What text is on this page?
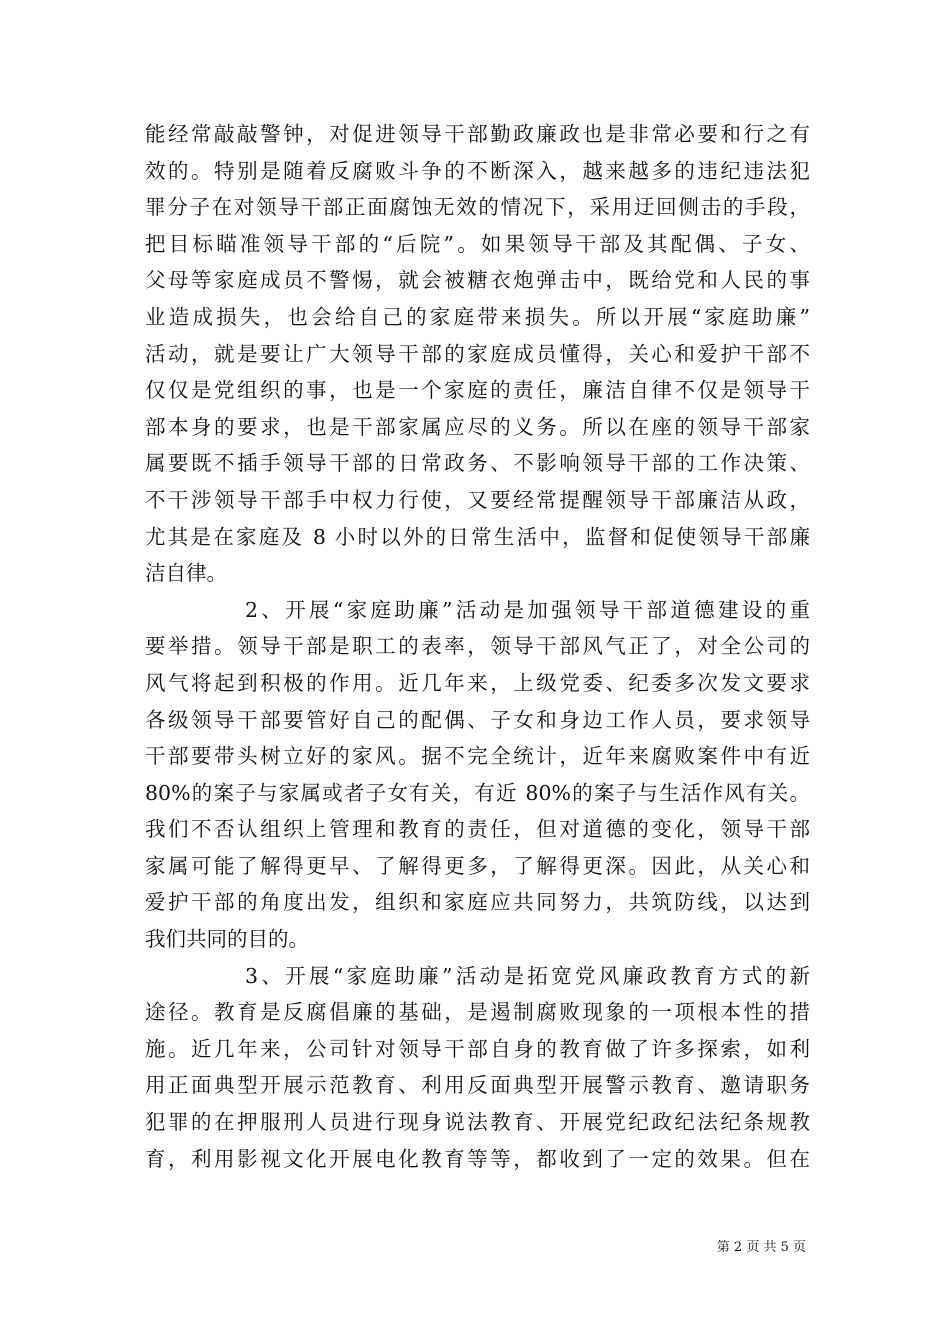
能经常敲敲警钟，对促进领导干部勤政廉政也是非常必要和行之有
效的。特别是随着反腐败斗争的不断深入，越来越多的违纪违法犯
罪分子在对领导干部正面腐蚀无效的情况下，采用迂回侧击的手段，
把目标瞄准领导干部的“后院”。如果领导干部及其配偶、子女、
父母等家庭成员不警惕，就会被糖衣炮弹击中，既给党和人民的事
业造成损失，也会给自己的家庭带来损失。所以开展“家庭助廉”
活动，就是要让广大领导干部的家庭成员懂得，关心和爱护干部不
仅仅是党组织的事，也是一个家庭的责任，廉洁自律不仅是领导干
部本身的要求，也是干部家属应尽的义务。所以在座的领导干部家
属要既不插手领导干部的日常政务、不影响领导干部的工作决策、
不干涉领导干部手中权力行使，又要经常提醒领导干部廉洁从政，
尤其是在家庭及 8 小时以外的日常生活中，监督和促使领导干部廉
洁自律。
2、开展“家庭助廉”活动是加强领导干部道德建设的重
要举措。领导干部是职工的表率，领导干部风气正了，对全公司的
风气将起到积极的作用。近几年来，上级党委、纪委多次发文要求
各级领导干部要管好自己的配偶、子女和身边工作人员，要求领导
干部要带头树立好的家风。据不完全统计，近年来腐败案件中有近
80%的案子与家属或者子女有关，有近 80%的案子与生活作风有关。
我们不否认组织上管理和教育的责任，但对道德的变化，领导干部
家属可能了解得更早、了解得更多，了解得更深。因此，从关心和
爱护干部的角度出发，组织和家庭应共同努力，共筑防线，以达到
我们共同的目的。
3、开展“家庭助廉”活动是拓宽党风廉政教育方式的新
途径。教育是反腐倡廉的基础，是遏制腐败现象的一项根本性的措
施。近几年来，公司针对领导干部自身的教育做了许多探索，如利
用正面典型开展示范教育、利用反面典型开展警示教育、邀请职务
犯罪的在押服刑人员进行现身说法教育、开展党纪政纪法纪条规教
育，利用影视文化开展电化教育等等，都收到了一定的效果。但在
第 2 页 共 5 页
